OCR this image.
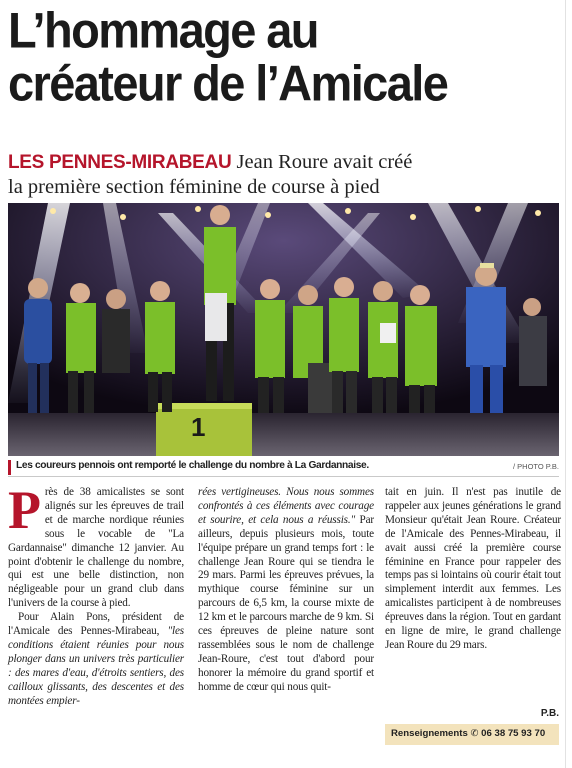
L’hommage au
créateur de l’Amicale
LES PENNES-MIRABEAU Jean Roure avait créé
la première section féminine de course à pied
1
Les coureurs pennois ont remporté le challenge du nombre à La Gardannaise.	/ PHOTO P.B.

Près de 38 amicalistes se sont alignés sur les épreuves de trail et de marche nordique réunies sous le vocable de "La Gardannaise" dimanche 12 janvier. Au point d'obtenir le challenge du nombre, qui est une belle distinction, non négligeable pour un grand club dans l'univers de la course à pied.

Pour Alain Pons, président de l'Amicale des Pennes-Mirabeau, "les conditions étaient réunies pour nous plonger dans un univers très particulier : des mares d'eau, d'étroits sentiers, des cailloux glissants, des descentes et des montées empier-

rées vertigineuses. Nous nous sommes confrontés à ces éléments avec courage et sourire, et cela nous a réussis." Par ailleurs, depuis plusieurs mois, toute l'équipe prépare un grand temps fort : le challenge Jean Roure qui se tiendra le 29 mars. Parmi les épreuves prévues, la mythique course féminine sur un parcours de 6,5 km, la course mixte de 12 km et le parcours marche de 9 km. Si ces épreuves de pleine nature sont rassemblées sous le nom de challenge Jean-Roure, c'est tout d'abord pour honorer la mémoire du grand sportif et homme de cœur qui nous quit-

tait en juin. Il n'est pas inutile de rappeler aux jeunes générations le grand Monsieur qu'était Jean Roure. Créateur de l'Amicale des Pennes-Mirabeau, il avait aussi créé la première course féminine en France pour rappeler des temps pas si lointains où courir était tout simplement interdit aux femmes. Les amicalistes participent à de nombreuses épreuves dans la région. Tout en gardant en ligne de mire, le grand challenge Jean Roure du 29 mars.

P.B.
Renseignements ✆ 06 38 75 93 70
